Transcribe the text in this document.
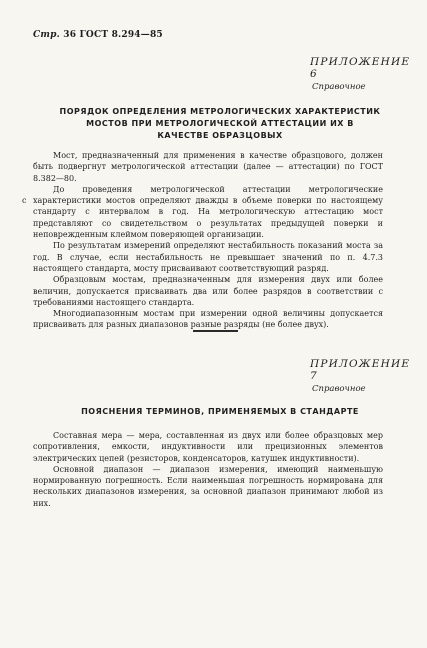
Стр. 36 ГОСТ 8.294—85
ПРИЛОЖЕНИЕ 6
Справочное
ПОРЯДОК ОПРЕДЕЛЕНИЯ МЕТРОЛОГИЧЕСКИХ ХАРАКТЕРИСТИК
МОСТОВ ПРИ МЕТРОЛОГИЧЕСКОЙ АТТЕСТАЦИИ ИХ В
КАЧЕСТВЕ ОБРАЗЦОВЫХ
с

Мост, предназначенный для применения в качестве образцового, должен быть подвергнут метрологической аттестации (далее — аттестации) по ГОСТ 8.382—80.

До проведения метрологической аттестации метрологические характеристики мостов определяют дважды в объеме поверки по настоящему стандарту с интервалом в год. На метрологическую аттестацию мост представляют со свидетельством о результатах предыдущей поверки и неповрежденным клеймом поверяющей организации.

По результатам измерений определяют нестабильность показаний моста за год. В случае, если нестабильность не превышает значений по п. 4.7.3 настоящего стандарта, мосту присваивают соответствующий разряд.

Образцовым мостам, предназначенным для измерения двух или более величин, допускается присваивать два или более разрядов в соответствии с требованиями настоящего стандарта.

Многодиапазонным мостам при измерении одной величины допускается присваивать для разных диапазонов разные разряды (не более двух).

ПРИЛОЖЕНИЕ 7
Справочное
ПОЯСНЕНИЯ ТЕРМИНОВ, ПРИМЕНЯЕМЫХ В СТАНДАРТЕ

Составная мера — мера, составленная из двух или более образцовых мер сопротивления, емкости, индуктивности или прецизионных элементов электрических цепей (резисторов, конденсаторов, катушек индуктивности).

Основной диапазон — диапазон измерения, имеющий наименьшую нормированную погрешность. Если наименьшая погрешность нормирована для нескольких диапазонов измерения, за основной диапазон принимают любой из них.
